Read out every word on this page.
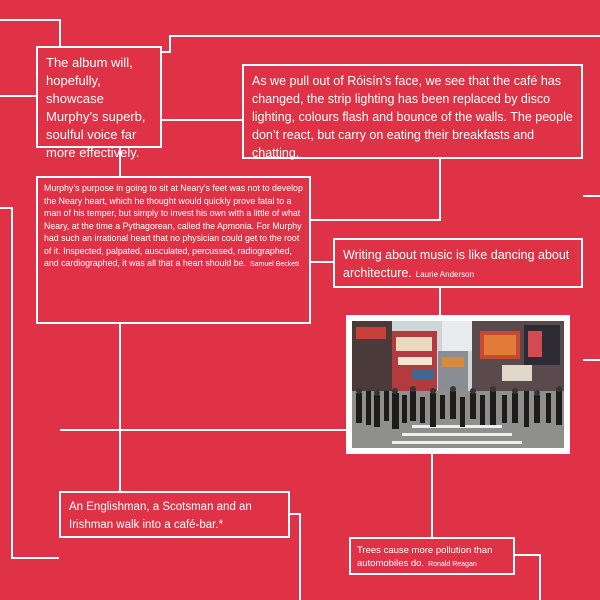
The album will, hopefully, showcase Murphy’s superb, soulful voice far more effectively.

As we pull out of Róisín’s face, we see that the café has changed, the strip lighting has been replaced by disco lighting, colours flash and bounce of the walls. The people don’t react, but carry on eating their breakfasts and chatting.

Murphy’s purpose in going to sit at Neary’s feet was not to develop the Neary heart, which he thought would quickly prove fatal to a man of his temper, but simply to invest his own with a little of what Neary, at the time a Pythagorean, called the Apmonia. For Murphy had such an irrational heart that no physician could get to the root of it. Inspected, palpated, ausculated, percussed, radiographed, and cardiographed, it was all that a heart should be. Samuel Beckett

Writing about music is like dancing about architecture. Laurie Anderson

An Englishman, a Scotsman and an Irishman walk into a café-bar.*

Trees cause more pollution than automobiles do. Ronald Reagan
